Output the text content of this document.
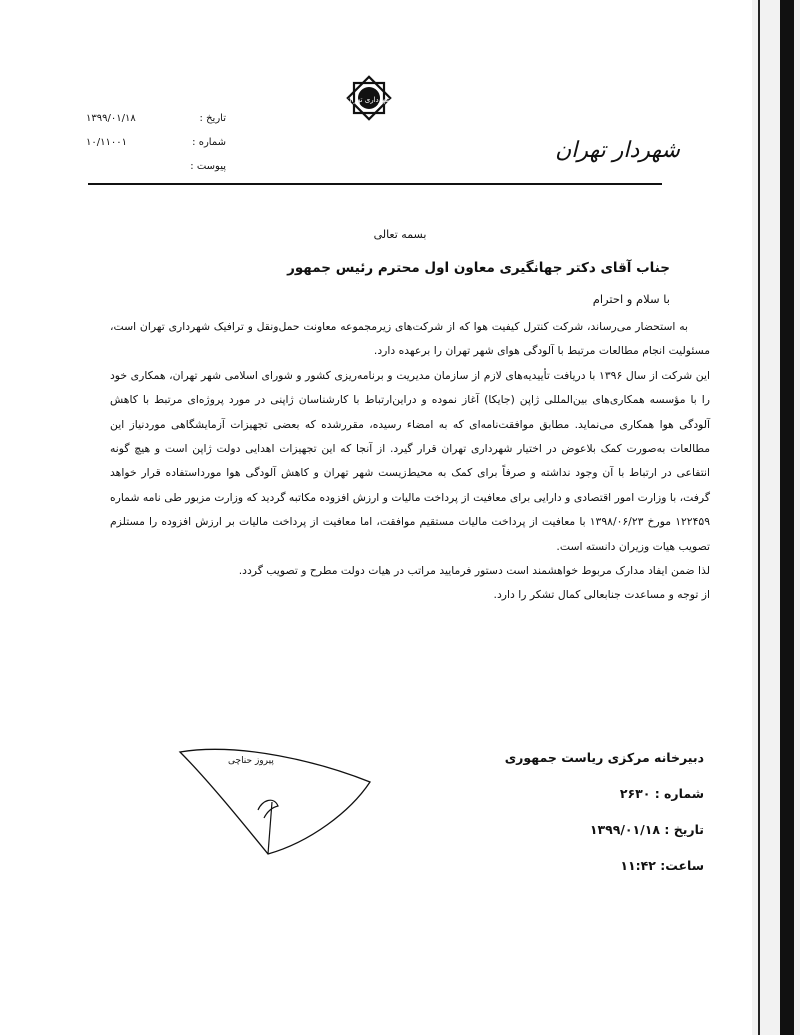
تاریخ :
۱۳۹۹/۰۱/۱۸
شماره :
۱۰/۱۱۰۰۱
پیوست :
شهرداری تهران
شهردار تهران
بسمه تعالی
جناب آقای دکتر جهانگیری معاون اول محترم رئیس جمهور
با سلام و احترام

به استحضار می‌رساند، شرکت کنترل کیفیت هوا که از شرکت‌های زیرمجموعه معاونت حمل‌ونقل و ترافیک شهرداری تهران است، مسئولیت انجام مطالعات مرتبط با آلودگی هوای شهر تهران را برعهده دارد.

این شرکت از سال ۱۳۹۶ با دریافت تأییدیه‌های لازم از سازمان مدیریت و برنامه‌ریزی کشور و شورای اسلامی شهر تهران، همکاری خود را با مؤسسه همکاری‌های بین‌المللی ژاپن (جایکا) آغاز نموده و دراین‌ارتباط با کارشناسان ژاپنی در مورد پروژه‌ای مرتبط با کاهش آلودگی هوا همکاری می‌نماید. مطابق موافقت‌نامه‌ای که به امضاء رسیده، مقررشده که بعضی تجهیزات آزمایشگاهی موردنیاز این مطالعات به‌صورت کمک بلاعوض در اختیار شهرداری تهران قرار گیرد. از آنجا که این تجهیزات اهدایی دولت ژاپن است و هیچ گونه انتفاعی در ارتباط با آن وجود نداشته و صرفاً برای کمک به محیط‌زیست شهر تهران و کاهش آلودگی هوا مورداستفاده قرار خواهد گرفت، با وزارت امور اقتصادی و دارایی برای معافیت از پرداخت مالیات و ارزش افزوده مکاتبه گردید که وزارت مزبور طی نامه شماره ۱۲۲۴۵۹ مورخ ۱۳۹۸/۰۶/۲۳ با معافیت از پرداخت مالیات مستقیم موافقت، اما معافیت از پرداخت مالیات بر ارزش افزوده را مستلزم تصویب هیات وزیران دانسته است.

لذا ضمن ایفاد مدارک مربوط خواهشمند است دستور فرمایید مراتب در هیات دولت مطرح و تصویب گردد.

از توجه و مساعدت جنابعالی کمال تشکر را دارد.

پیروز حناچی	دبیرخانه مرکزی ریاست جمهوری
شماره : ۲۶۳۰
تاریخ : ۱۳۹۹/۰۱/۱۸
ساعت: ۱۱:۴۲
